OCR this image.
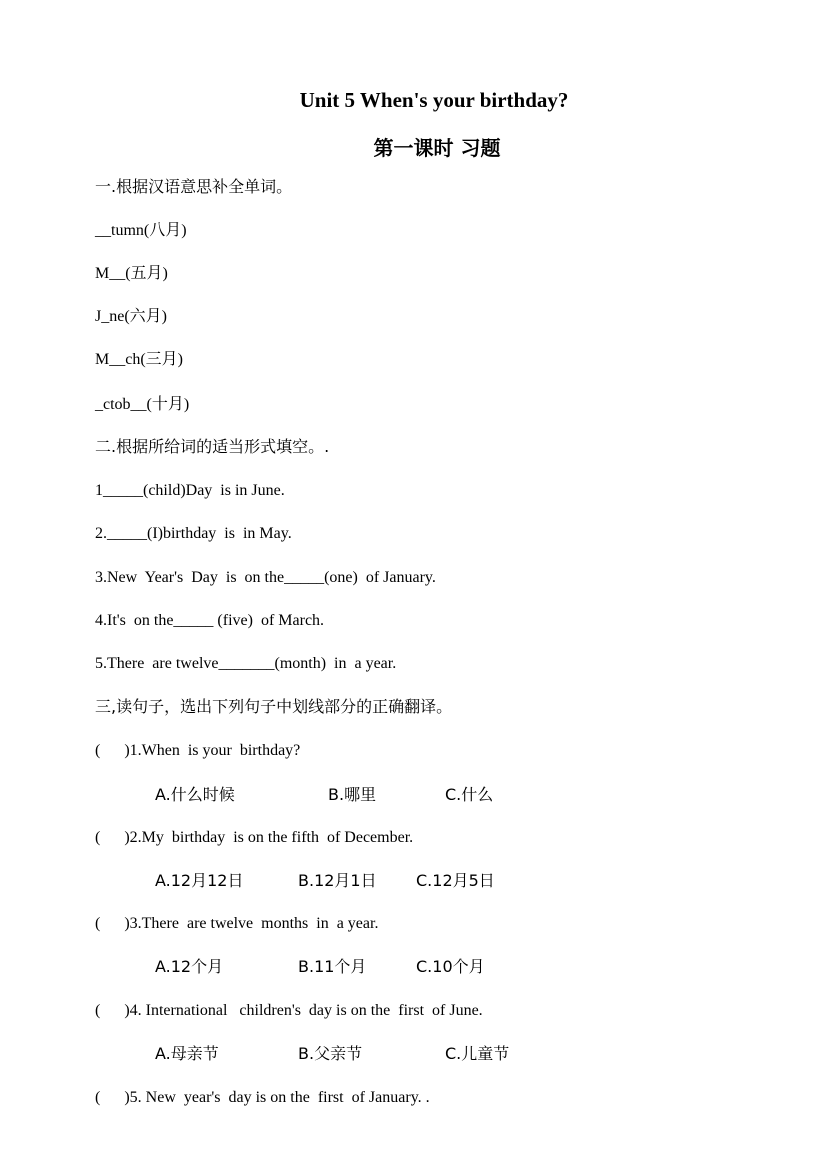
Unit 5 When's your birthday?
第一课时 习题
一.根据汉语意思补全单词。
__tumn(八月)
M__(五月)
J_ne(六月)
M__ch(三月)
_ctob__(十月)
二.根据所给词的适当形式填空。.
1_____(child)Day  is in June.
2._____(I)birthday  is  in May.
3.New  Year's  Day  is  on the_____(one)  of January.
4.It's  on the_____ (five)  of March.
5.There  are twelve_______(month)  in  a year.
三,读句子，选出下列句子中划线部分的正确翻译。
(      )1.When  is your  birthday?
A.什么时候	B.哪里	C.什么
(      )2.My  birthday  is on the fifth  of December.
A.12月12日	B.12月1日 C.12月5日
(      )3.There  are twelve  months  in  a year.
A.12个月	B.11个月	C.10个月
(      )4. International   children's  day is on the  first  of June.
A.母亲节	B.父亲节	C.儿童节
(      )5. New  year's  day is on the  first  of January. .
